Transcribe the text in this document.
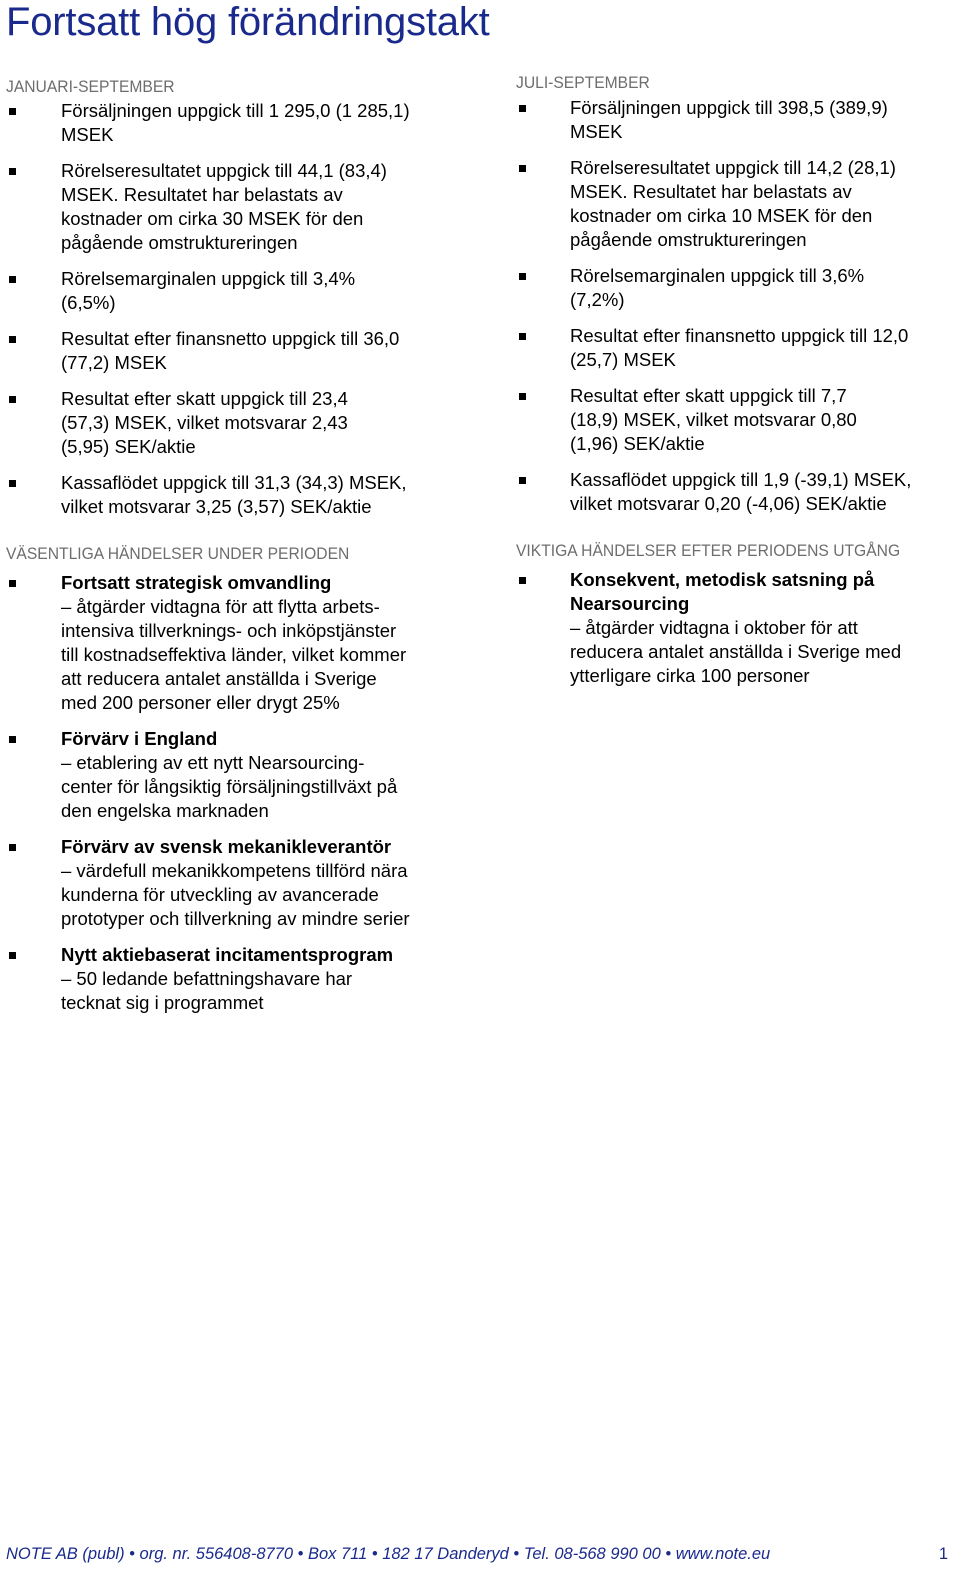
Fortsatt hög förändringstakt
JANUARI-SEPTEMBER
Försäljningen uppgick till 1 295,0 (1 285,1)
MSEK
Rörelseresultatet uppgick till 44,1 (83,4)
MSEK. Resultatet har belastats av
kostnader om cirka 30 MSEK för den
pågående omstruktureringen
Rörelsemarginalen uppgick till 3,4%
(6,5%)
Resultat efter finansnetto uppgick till 36,0
(77,2) MSEK
Resultat efter skatt uppgick till 23,4
(57,3) MSEK, vilket motsvarar 2,43
(5,95) SEK/aktie
Kassaflödet uppgick till 31,3 (34,3) MSEK,
vilket motsvarar 3,25 (3,57) SEK/aktie
VÄSENTLIGA HÄNDELSER UNDER PERIODEN
Fortsatt strategisk omvandling
– åtgärder vidtagna för att flytta arbets-
intensiva tillverknings- och inköpstjänster
till kostnadseffektiva länder, vilket kommer
att reducera antalet anställda i Sverige
med 200 personer eller drygt 25%
Förvärv i England
– etablering av ett nytt Nearsourcing-
center för långsiktig försäljningstillväxt på
den engelska marknaden
Förvärv av svensk mekanikleverantör
– värdefull mekanikkompetens tillförd nära
kunderna för utveckling av avancerade
prototyper och tillverkning av mindre serier
Nytt aktiebaserat incitamentsprogram
– 50 ledande befattningshavare har
tecknat sig i programmet
JULI-SEPTEMBER
Försäljningen uppgick till 398,5 (389,9)
MSEK
Rörelseresultatet uppgick till 14,2 (28,1)
MSEK. Resultatet har belastats av
kostnader om cirka 10 MSEK för den
pågående omstruktureringen
Rörelsemarginalen uppgick till 3,6%
(7,2%)
Resultat efter finansnetto uppgick till 12,0
(25,7) MSEK
Resultat efter skatt uppgick till 7,7
(18,9) MSEK, vilket motsvarar 0,80
(1,96) SEK/aktie
Kassaflödet uppgick till 1,9 (-39,1) MSEK,
vilket motsvarar 0,20 (-4,06) SEK/aktie
VIKTIGA HÄNDELSER EFTER PERIODENS UTGÅNG
Konsekvent, metodisk satsning på Nearsourcing
– åtgärder vidtagna i oktober för att
reducera antalet anställda i Sverige med
ytterligare cirka 100 personer
NOTE AB (publ) • org. nr. 556408-8770 • Box 711 • 182 17 Danderyd • Tel. 08-568 990 00 • www.note.eu	1
